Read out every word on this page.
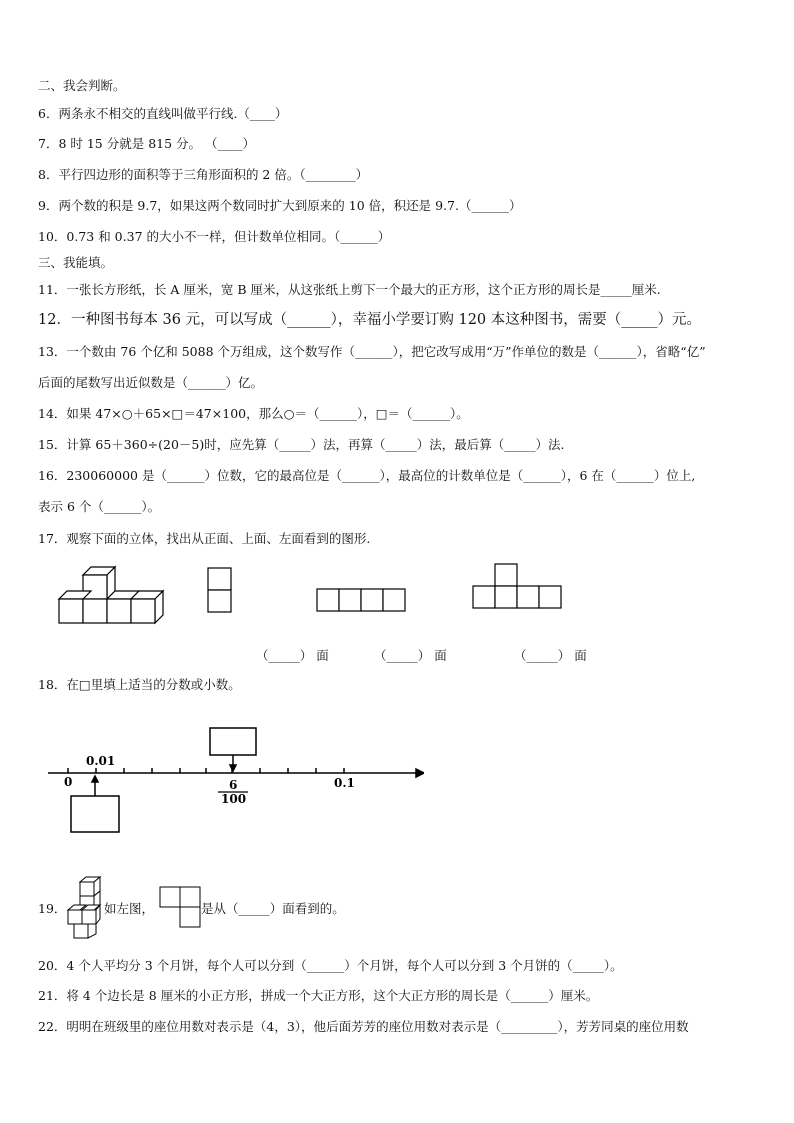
二、我会判断。
6．两条永不相交的直线叫做平行线.（____）
7．8 时 15 分就是 815 分。 （____）
8．平行四边形的面积等于三角形面积的 2 倍。（________）
9．两个数的积是 9.7，如果这两个数同时扩大到原来的 10 倍，积还是 9.7.（______）
10．0.73 和 0.37 的大小不一样，但计数单位相同。（______）
三、我能填。
11．一张长方形纸，长 A 厘米，宽 B 厘米，从这张纸上剪下一个最大的正方形，这个正方形的周长是_____厘米.
12．一种图书每本 36 元，可以写成（______），幸福小学要订购 120 本这种图书，需要（_____）元。
13．一个数由 76 个亿和 5088 个万组成，这个数写作（______），把它改写成用“万”作单位的数是（______），省略“亿”
后面的尾数写出近似数是（______）亿。
14．如果 47×○＋65×□＝47×100，那么○＝（______），□＝（______）。
15．计算 65＋360÷(20－5)时，应先算（_____）法，再算（_____）法，最后算（_____）法.
16．230060000 是（______）位数，它的最高位是（______），最高位的计数单位是（______），6 在（______）位上,
表示 6 个（______）。
17．观察下面的立体，找出从正面、上面、左面看到的图形.
（_____） 面	（_____） 面	（_____） 面
18．在□里填上适当的分数或小数。
0
0.01
6
100
0.1
19．	如左图，	是从（_____）面看到的。
20．4 个人平均分 3 个月饼，每个人可以分到（______）个月饼，每个人可以分到 3 个月饼的（_____）。
21．将 4 个边长是 8 厘米的小正方形，拼成一个大正方形，这个大正方形的周长是（______）厘米。
22．明明在班级里的座位用数对表示是（4，3），他后面芳芳的座位用数对表示是（_________），芳芳同桌的座位用数
